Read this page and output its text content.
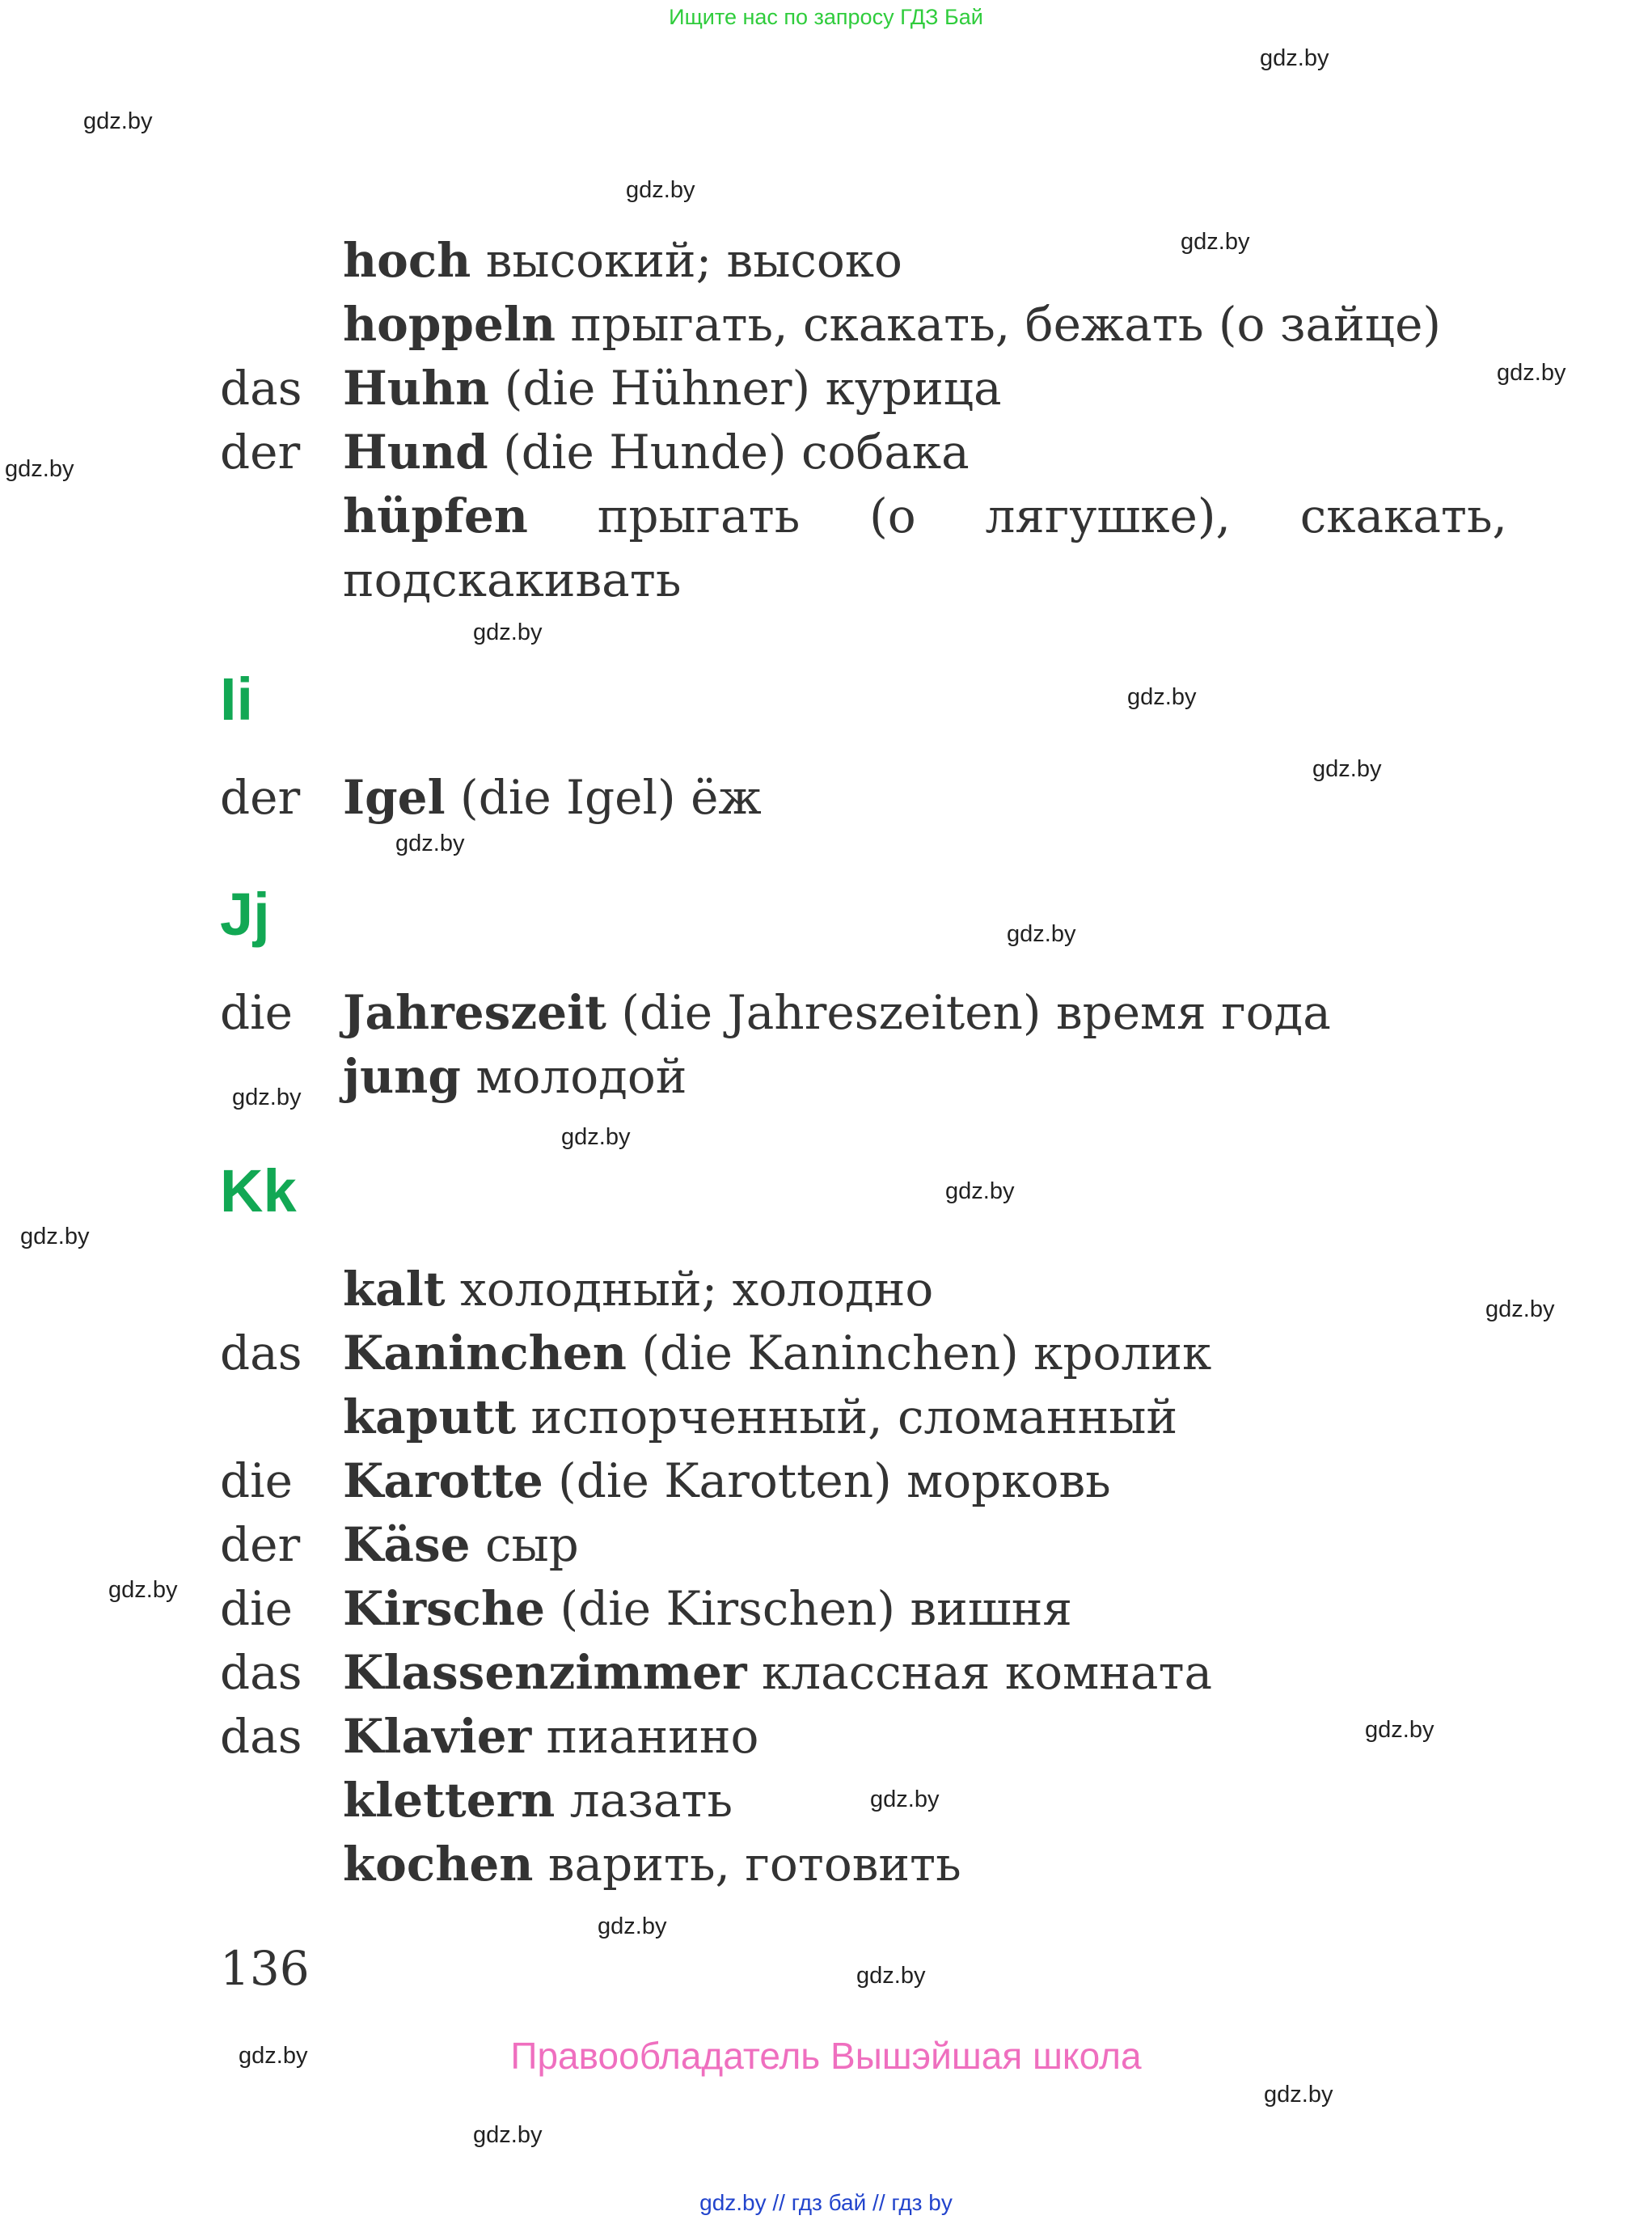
Ищите нас по запросу ГДЗ Бай
gdz.by
gdz.by
gdz.by
gdz.by
gdz.by
gdz.by
gdz.by
gdz.by
gdz.by
gdz.by
gdz.by
gdz.by
gdz.by
gdz.by
gdz.by
gdz.by
gdz.by
gdz.by
gdz.by
gdz.by
gdz.by
gdz.by
gdz.by
gdz.by
hoch высокий; высоко
hoppeln прыгать, скакать, бежать (о зайце)
das Huhn (die Hühner) курица
der Hund (die Hunde) собака
hüpfen прыгать (о лягушке), скакать,
подскакивать
Ii
der Igel (die Igel) ёж
Jj
die Jahreszeit (die Jahreszeiten) время года
jung молодой
Kk
kalt холодный; холодно
das Kaninchen (die Kaninchen) кролик
kaputt испорченный, сломанный
die Karotte (die Karotten) морковь
der Käse сыр
die Kirsche (die Kirschen) вишня
das Klassenzimmer классная комната
das Klavier пианино
klettern лазать
kochen варить, готовить
136
Правообладатель Вышэйшая школа
gdz.by // гдз бай // гдз by
